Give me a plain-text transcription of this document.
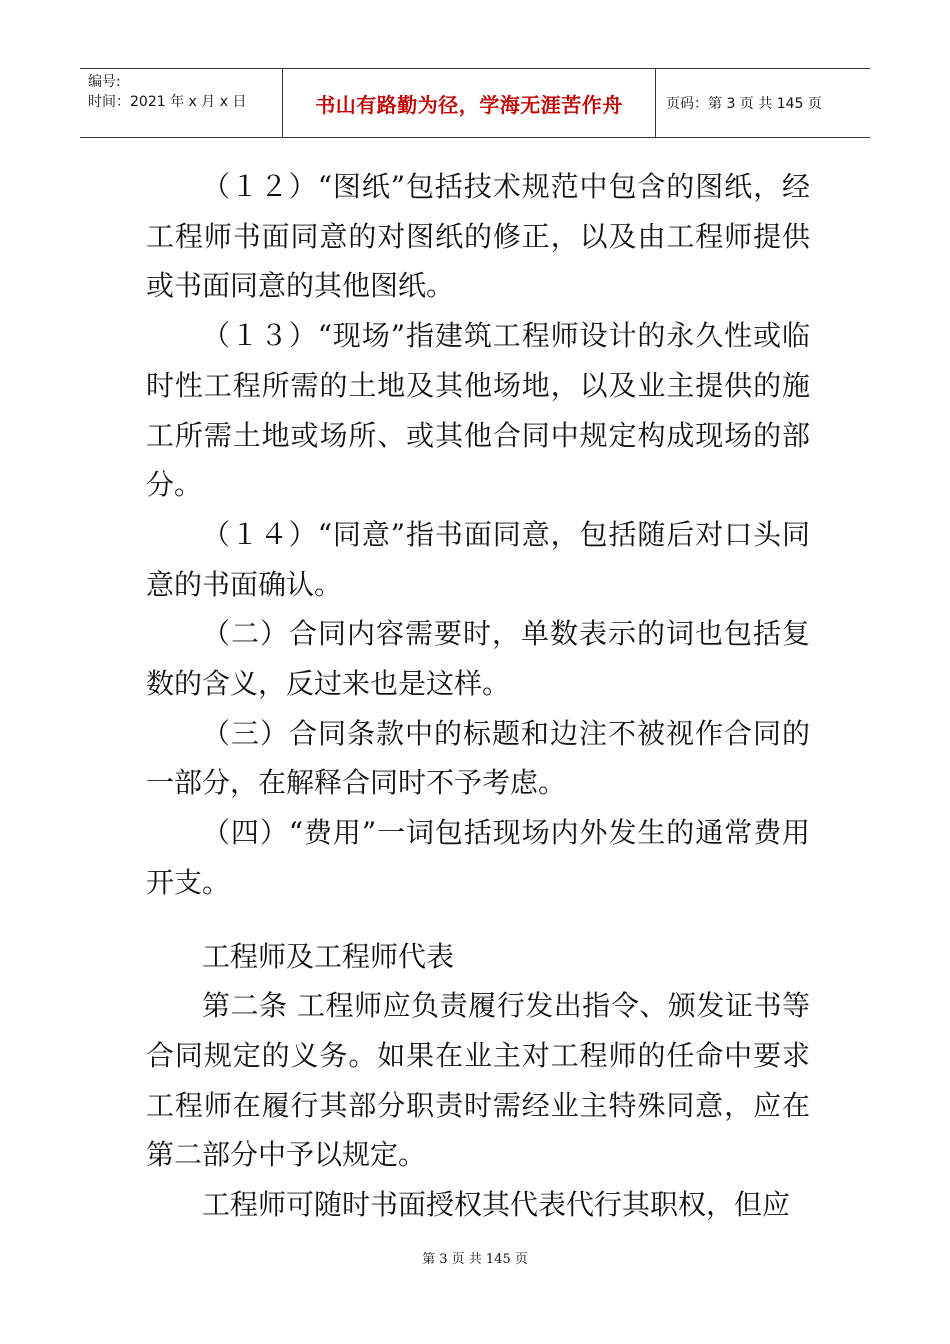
编号:
时间：2021 年 x 月 x 日	书山有路勤为径，学海无涯苦作舟	页码：第 3 页 共 145 页

（１２）“图纸”包括技术规范中包含的图纸，经工程师书面同意的对图纸的修正，以及由工程师提供或书面同意的其他图纸。

（１３）“现场”指建筑工程师设计的永久性或临时性工程所需的土地及其他场地，以及业主提供的施工所需土地或场所、或其他合同中规定构成现场的部分。

（１４）“同意”指书面同意，包括随后对口头同意的书面确认。

（二）合同内容需要时，单数表示的词也包括复数的含义，反过来也是这样。

（三）合同条款中的标题和边注不被视作合同的一部分，在解释合同时不予考虑。

（四）“费用”一词包括现场内外发生的通常费用开支。

工程师及工程师代表

第二条 工程师应负责履行发出指令、颁发证书等合同规定的义务。如果在业主对工程师的任命中要求工程师在履行其部分职责时需经业主特殊同意，应在第二部分中予以规定。

工程师可随时书面授权其代表代行其职权，但应

第 3 页 共 145 页
